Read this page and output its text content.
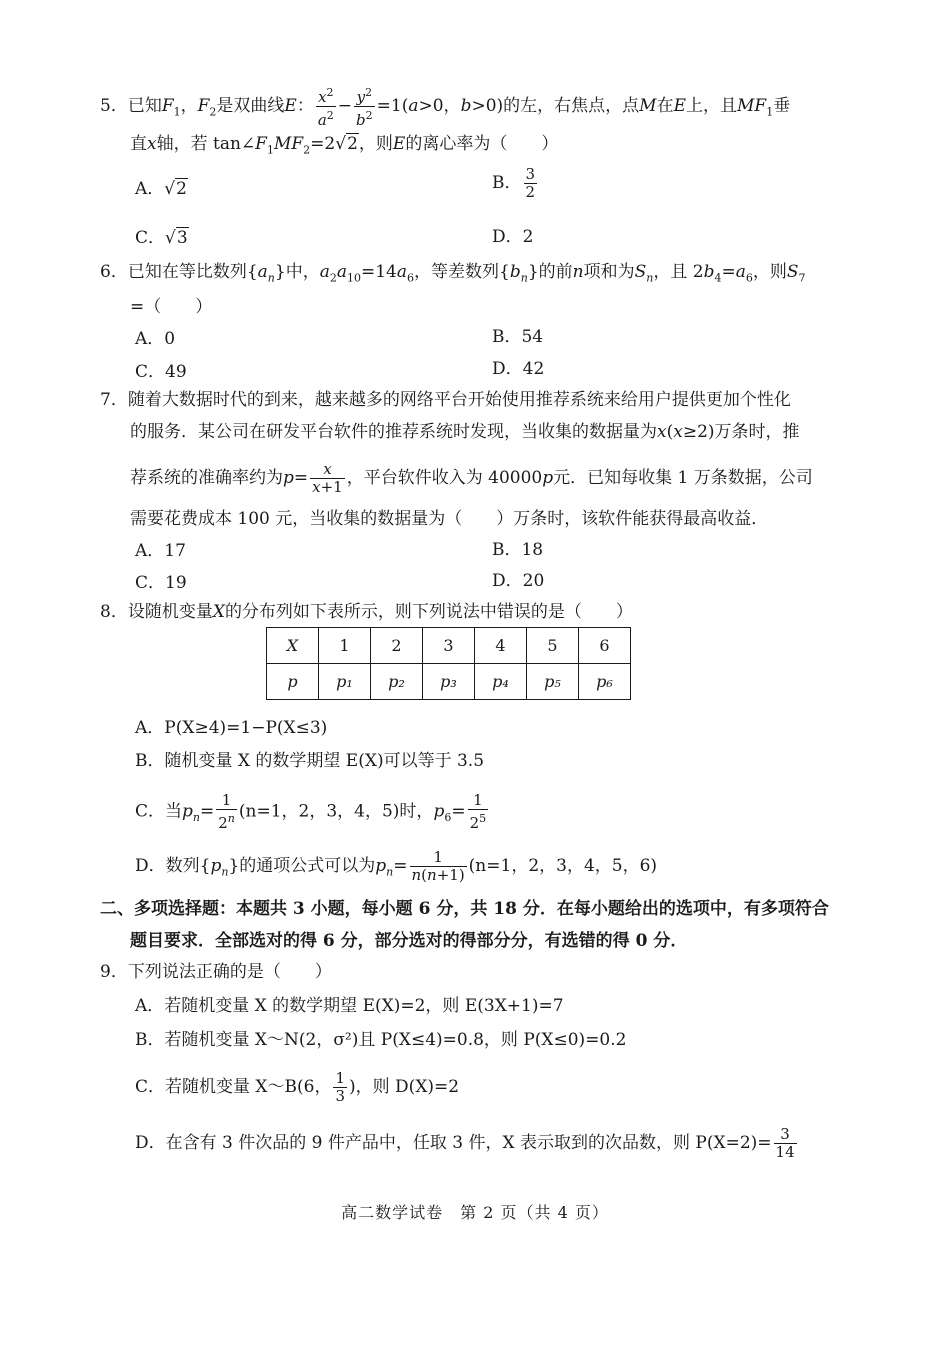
5．已知$F_1$，$F_2$是双曲线E： $\frac{x^2}{a^2} - \frac{y^2}{b^2} =1(a>0$，b>0)的左，右焦点，点M在E上，且$MF_1$垂
直x轴，若 $\tan\angle F_1MF_2=2√2$，则E的离心率为（　　）
A．√2	B． $\frac{3}{2}$
C．√3	D．2
6．已知在等比数列$\{a_n\}$中，$a_2a_{10}=14a_6$，等差数列$\{b_n\}$的前n项和为$S_n$，且 $2b_4=a_6$，则$S_7$
=（　　）
A．0	B．54
C．49	D．42
7．随着大数据时代的到来，越来越多的网络平台开始使用推荐系统来给用户提供更加个性化
的服务．某公司在研发平台软件的推荐系统时发现，当收集的数据量为x(x≥2)万条时，推
荐系统的准确率约为$p= \frac{x}{x+1}$ ，平台软件收入为 40000p元．已知每收集 1 万条数据，公司
需要花费成本 100 元，当收集的数据量为（　　）万条时，该软件能获得最高收益．
A．17	B．18
C．19	D．20
8．设随机变量X的分布列如下表所示，则下列说法中错误的是（　　）
X	1	2	3	4	5	6
p	p₁	p₂	p₃	p₄	p₅	p₆
A．P(X≥4)=1−P(X≤3)
B．随机变量 X 的数学期望 E(X)可以等于 3.5
C．当$p_n= \frac{1}{2^n} (n=1$，2，3，4，5)时，$p_6= \frac{1}{2^5}$
D．数列$\{p_n\}$的通项公式可以为$p_n= \frac{1}{n(n+1)} (n=1$，2，3，4，5，6)
二、多项选择题：本题共 3 小题，每小题 6 分，共 18 分．在每小题给出的选项中，有多项符合
题目要求．全部选对的得 6 分，部分选对的得部分分，有选错的得 0 分．
9．下列说法正确的是（　　）
A．若随机变量 X 的数学期望 E(X)=2，则 E(3X+1)=7
B．若随机变量 X～N(2，σ²)且 P(X≤4)=0.8，则 P(X≤0)=0.2
C．若随机变量 X～B(6， $\frac{1}{3}$ )，则 D(X)=2
D．在含有 3 件次品的 9 件产品中，任取 3 件，X 表示取到的次品数，则 $P(X=2)= \frac{3}{14}$
高二数学试卷　第 2 页（共 4 页）
